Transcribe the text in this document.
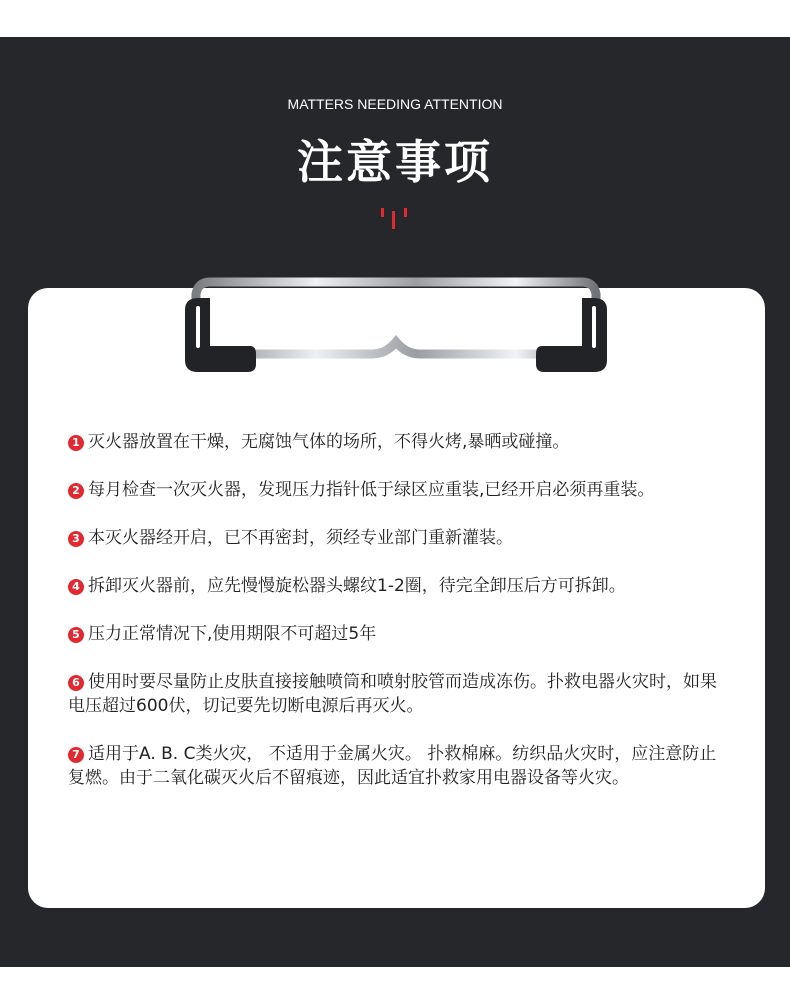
MATTERS NEEDING ATTENTION
注意事项
1 灭火器放置在干燥，无腐蚀气体的场所，不得火烤,暴晒或碰撞。
2 每月检查一次灭火器，发现压力指针低于绿区应重装,已经开启必须再重装。
3 本灭火器经开启，已不再密封，须经专业部门重新灌装。
4 拆卸灭火器前，应先慢慢旋松器头螺纹1-2圈，待完全卸压后方可拆卸。
5 压力正常情况下,使用期限不可超过5年
6 使用时要尽量防止皮肤直接接触喷筒和喷射胶管而造成冻伤。扑救电器火灾时，如果电压超过600伏，切记要先切断电源后再灭火。
7 适用于A. B. C类火灾， 不适用于金属火灾。 扑救棉麻。纺织品火灾时，应注意防止复燃。由于二氧化碳灭火后不留痕迹，因此适宜扑救家用电器设备等火灾。
